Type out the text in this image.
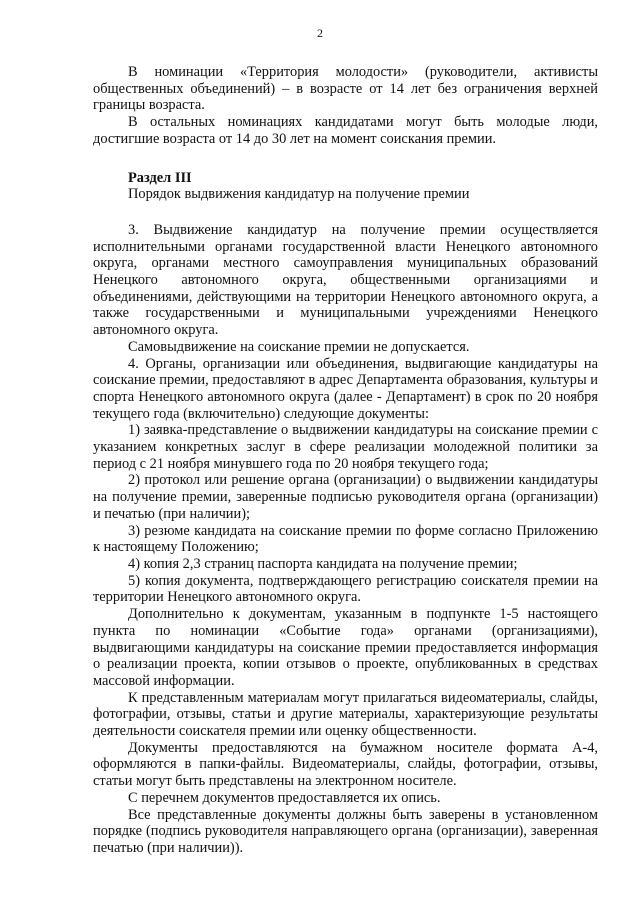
2

В номинации «Территория молодости» (руководители, активисты общественных объединений) – в возрасте от 14 лет без ограничения верхней границы возраста.

В остальных номинациях кандидатами могут быть молодые люди, достигшие возраста от 14 до 30 лет на момент соискания премии.

Раздел III

Порядок выдвижения кандидатур на получение премии

3. Выдвижение кандидатур на получение премии осуществляется исполнительными органами государственной власти Ненецкого автономного округа, органами местного самоуправления муниципальных образований Ненецкого автономного округа, общественными организациями и объединениями, действующими на территории Ненецкого автономного округа, а также государственными и муниципальными учреждениями Ненецкого автономного округа.

Самовыдвижение на соискание премии не допускается.

4. Органы, организации или объединения, выдвигающие кандидатуры на соискание премии, предоставляют в адрес Департамента образования, культуры и спорта Ненецкого автономного округа (далее - Департамент) в срок по 20 ноября текущего года (включительно) следующие документы:

1) заявка-представление о выдвижении кандидатуры на соискание премии с указанием конкретных заслуг в сфере реализации молодежной политики за период с 21 ноября минувшего года по 20 ноября текущего года;

2) протокол или решение органа (организации) о выдвижении кандидатуры на получение премии, заверенные подписью руководителя органа (организации) и печатью (при наличии);

3) резюме кандидата на соискание премии по форме согласно Приложению к настоящему Положению;

4) копия 2,3 страниц паспорта кандидата на получение премии;

5) копия документа, подтверждающего регистрацию соискателя премии на территории Ненецкого автономного округа.

Дополнительно к документам, указанным в подпункте 1-5 настоящего пункта по номинации «Событие года» органами (организациями), выдвигающими кандидатуры на соискание премии предоставляется информация о реализации проекта, копии отзывов о проекте, опубликованных в средствах массовой информации.

К представленным материалам могут прилагаться видеоматериалы, слайды, фотографии, отзывы, статьи и другие материалы, характеризующие результаты деятельности соискателя премии или оценку общественности.

Документы предоставляются на бумажном носителе формата А-4, оформляются в папки-файлы. Видеоматериалы, слайды, фотографии, отзывы, статьи могут быть представлены на электронном носителе.

С перечнем документов предоставляется их опись.

Все представленные документы должны быть заверены в установленном порядке (подпись руководителя направляющего органа (организации), заверенная печатью (при наличии)).
